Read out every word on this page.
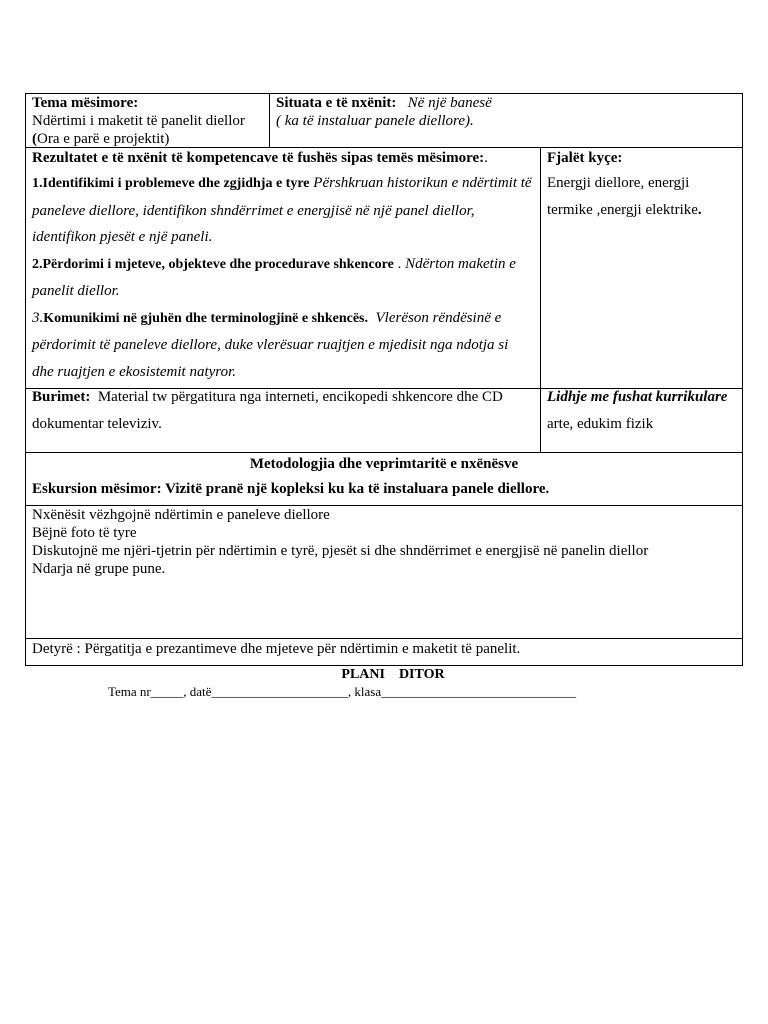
Tema mësimore:
Ndërtimi i maketit të panelit diellor
(Ora e parë e projektit)
Situata e të nxënit: Në një banesë
( ka të instaluar panele diellore).
Rezultatet e të nxënit të kompetencave të fushës sipas temës mësimore:.
1.Identifikimi i problemeve dhe zgjidhja e tyre Përshkruan historikun e ndërtimit të
paneleve diellore, identifikon shndërrimet e energjisë në një panel diellor,
identifikon pjesët e një paneli.
2.Përdorimi i mjeteve, objekteve dhe procedurave shkencore . Ndërton maketin e
panelit diellor.
3.Komunikimi në gjuhën dhe terminologjinë e shkencës. Vlerëson rëndësinë e
përdorimit të paneleve diellore, duke vlerësuar ruajtjen e mjedisit nga ndotja si
dhe ruajtjen e ekosistemit natyror.
Fjalët kyçe:
Energji diellore, energji
termike ,energji elektrike.
Burimet: Material tw përgatitura nga interneti, encikopedi shkencore dhe CD
dokumentar televiziv.
Lidhje me fushat kurrikulare
arte, edukim fizik
Metodologjia dhe veprimtaritë e nxënësve
Eskursion mësimor: Vizitë pranë një kopleksi ku ka të instaluara panele diellore.
Nxënësit vëzhgojnë ndërtimin e paneleve diellore
Bëjnë foto të tyre
Diskutojnë me njëri-tjetrin për ndërtimin e tyrë, pjesët si dhe shndërrimet e energjisë në panelin diellor
Ndarja në grupe pune.
Detyrë : Përgatitja e prezantimeve dhe mjeteve për ndërtimin e maketit të panelit.
PLANI    DITOR
Tema nr_____, datë_____________________, klasa______________________________
